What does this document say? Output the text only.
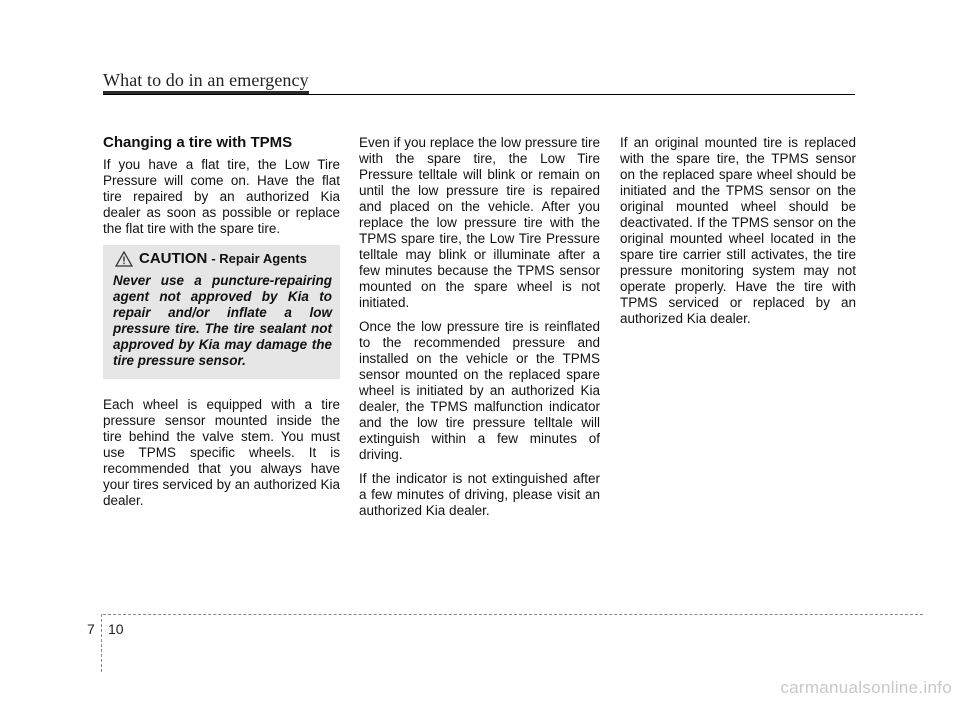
What to do in an emergency
Changing a tire with TPMS

If you have a flat tire, the Low Tire Pressure will come on. Have the flat tire repaired by an authorized Kia dealer as soon as possible or replace the flat tire with the spare tire.

CAUTION - Repair Agents
Never use a puncture-repairing agent not approved by Kia to repair and/or inflate a low pressure tire. The tire sealant not approved by Kia may damage the tire pressure sensor.

Each wheel is equipped with a tire pressure sensor mounted inside the tire behind the valve stem. You must use TPMS specific wheels. It is recommended that you always have your tires serviced by an authorized Kia dealer.

Even if you replace the low pressure tire with the spare tire, the Low Tire Pressure telltale will blink or remain on until the low pressure tire is repaired and placed on the vehicle. After you replace the low pressure tire with the TPMS spare tire, the Low Tire Pressure telltale may blink or illuminate after a few minutes because the TPMS sensor mounted on the spare wheel is not initiated.

Once the low pressure tire is reinflated to the recommended pressure and installed on the vehicle or the TPMS sensor mounted on the replaced spare wheel is initiated by an authorized Kia dealer, the TPMS malfunction indicator and the low tire pressure telltale will extinguish within a few minutes of driving.

If the indicator is not extinguished after a few minutes of driving, please visit an authorized Kia dealer.

If an original mounted tire is replaced with the spare tire, the TPMS sensor on the replaced spare wheel should be initiated and the TPMS sensor on the original mounted wheel should be deactivated. If the TPMS sensor on the original mounted wheel located in the spare tire carrier still activates, the tire pressure monitoring system may not operate properly. Have the tire with TPMS serviced or replaced by an authorized Kia dealer.

7 10
carmanualsonline.info
